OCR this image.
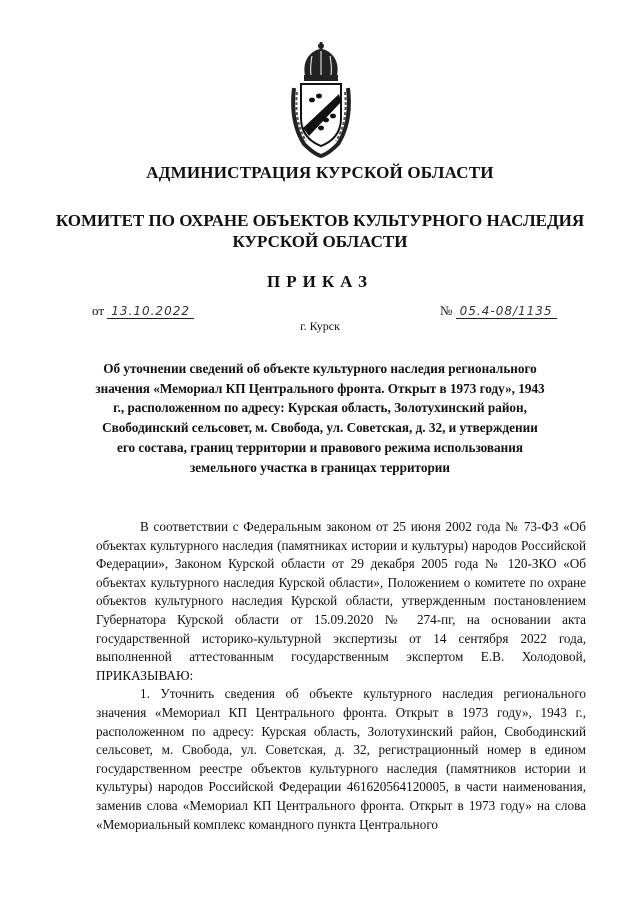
АДМИНИСТРАЦИЯ КУРСКОЙ ОБЛАСТИ
КОМИТЕТ ПО ОХРАНЕ ОБЪЕКТОВ КУЛЬТУРНОГО НАСЛЕДИЯ
КУРСКОЙ ОБЛАСТИ
ПРИКАЗ
от 13.10.2022	№ 05.4-08/1135
г. Курск
Об уточнении сведений об объекте культурного наследия регионального значения «Мемориал КП Центрального фронта. Открыт в 1973 году», 1943 г., расположенном по адресу: Курская область, Золотухинский район, Свободинский сельсовет, м. Свобода, ул. Советская, д. 32, и утверждении его состава, границ территории и правового режима использования земельного участка в границах территории

В соответствии с Федеральным законом от 25 июня 2002 года № 73-ФЗ «Об объектах культурного наследия (памятниках истории и культуры) народов Российской Федерации», Законом Курской области от 29 декабря 2005 года № 120-ЗКО «Об объектах культурного наследия Курской области», Положением о комитете по охране объектов культурного наследия Курской области, утвержденным постановлением Губернатора Курской области от 15.09.2020 № 274-пг, на основании акта государственной историко-культурной экспертизы от 14 сентября 2022 года, выполненной аттестованным государственным экспертом Е.В. Холодовой, ПРИКАЗЫВАЮ:

1. Уточнить сведения об объекте культурного наследия регионального значения «Мемориал КП Центрального фронта. Открыт в 1973 году», 1943 г., расположенном по адресу: Курская область, Золотухинский район, Свободинский сельсовет, м. Свобода, ул. Советская, д. 32, регистрационный номер в едином государственном реестре объектов культурного наследия (памятников истории и культуры) народов Российской Федерации 461620564120005, в части наименования, заменив слова «Мемориал КП Центрального фронта. Открыт в 1973 году» на слова «Мемориальный комплекс командного пункта Центрального
